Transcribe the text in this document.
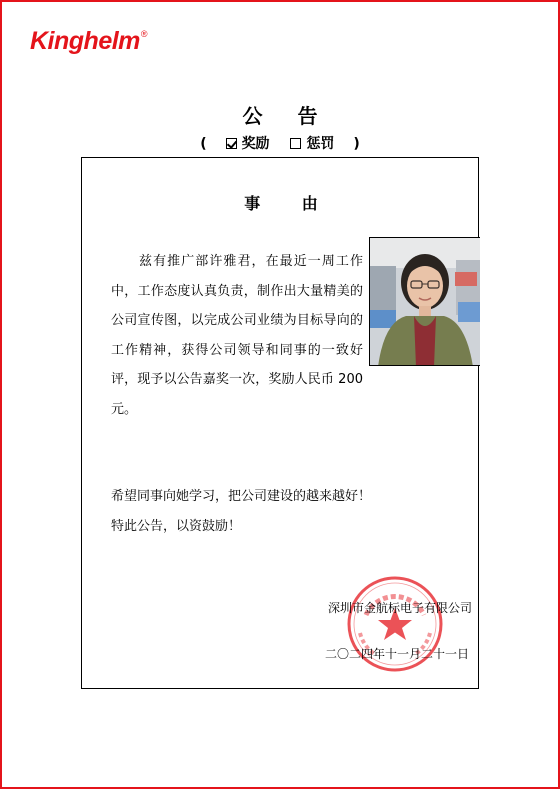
Kinghelm®
公 告
( 奖励	惩罚 )
事 由
兹有推广部许雅君，在最近一周工作中，工作态度认真负责，制作出大量精美的公司宣传图，以完成公司业绩为目标导向的工作精神，获得公司领导和同事的一致好评，现予以公告嘉奖一次，奖励人民币 200元。
希望同事向她学习，把公司建设的越来越好！
特此公告，以资鼓励！
深圳市金航标电子有限公司
二〇二四年十一月二十一日
